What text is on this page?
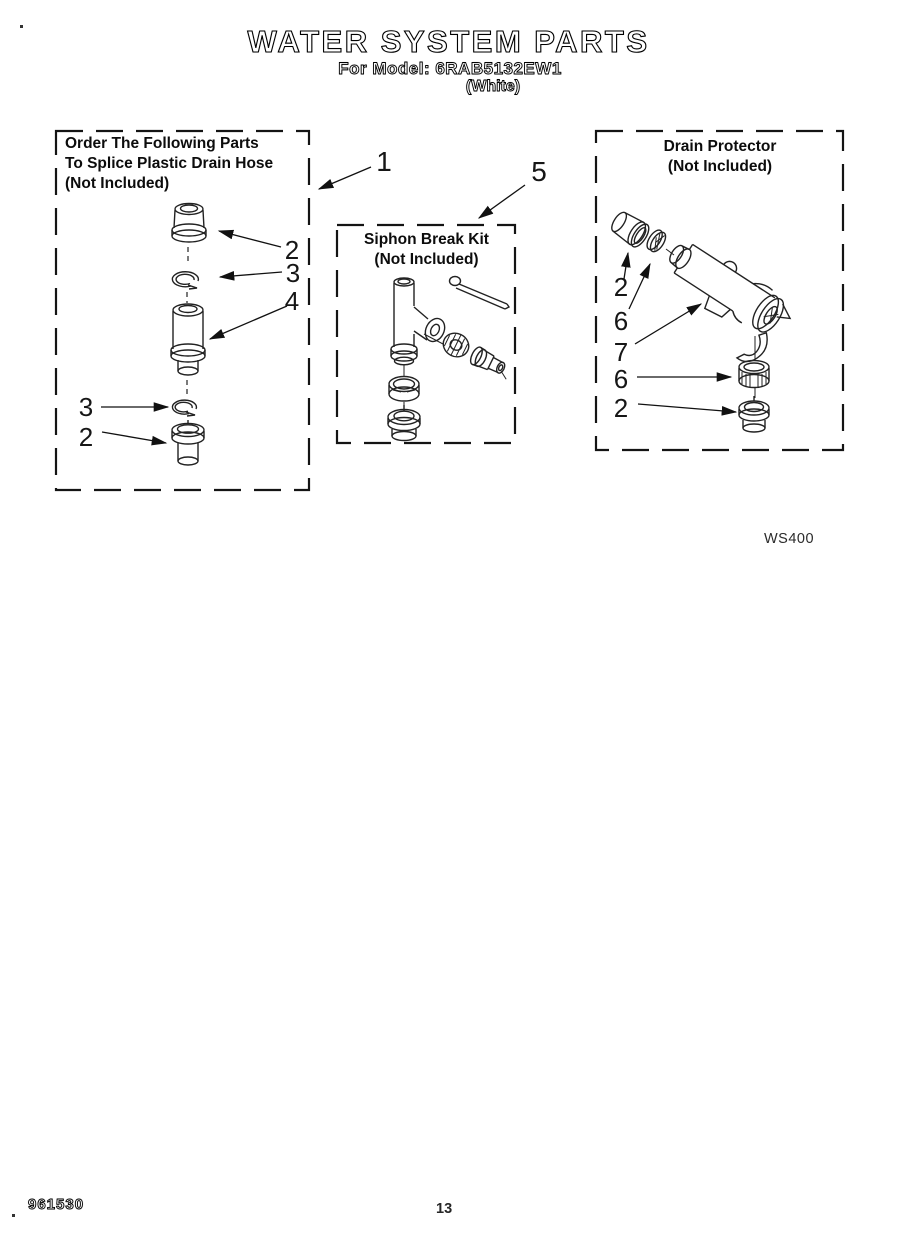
WATER SYSTEM PARTS
For Model: 6RAB5132EW1
(White)
Order The Following Parts
To Splice Plastic Drain Hose
(Not Included)
Siphon Break Kit
(Not Included)
Drain Protector
(Not Included)
1	5
2
3
4
3
2
2
6
7
6
2
WS400
961530	13
